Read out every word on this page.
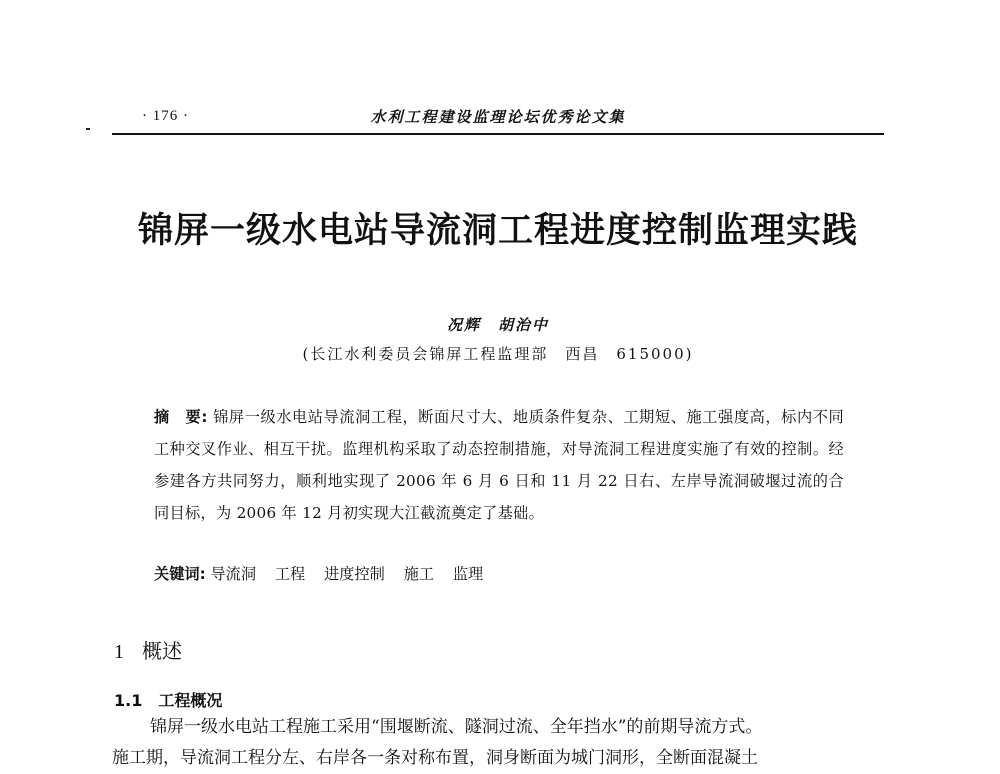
· 176 ·	水利工程建设监理论坛优秀论文集
锦屏一级水电站导流洞工程进度控制监理实践
况辉　胡治中
(长江水利委员会锦屏工程监理部　西昌　615000)
摘　要: 锦屏一级水电站导流洞工程，断面尺寸大、地质条件复杂、工期短、施工强度高，标内不同工种交叉作业、相互干扰。监理机构采取了动态控制措施，对导流洞工程进度实施了有效的控制。经参建各方共同努力，顺利地实现了 2006 年 6 月 6 日和 11 月 22 日右、左岸导流洞破堰过流的合同目标，为 2006 年 12 月初实现大江截流奠定了基础。
关键词: 导流洞 工程 进度控制 施工 监理
1 概述
1.1 工程概况
锦屏一级水电站工程施工采用“围堰断流、隧洞过流、全年挡水”的前期导流方式。
施工期，导流洞工程分左、右岸各一条对称布置，洞身断面为城门洞形，全断面混凝土
